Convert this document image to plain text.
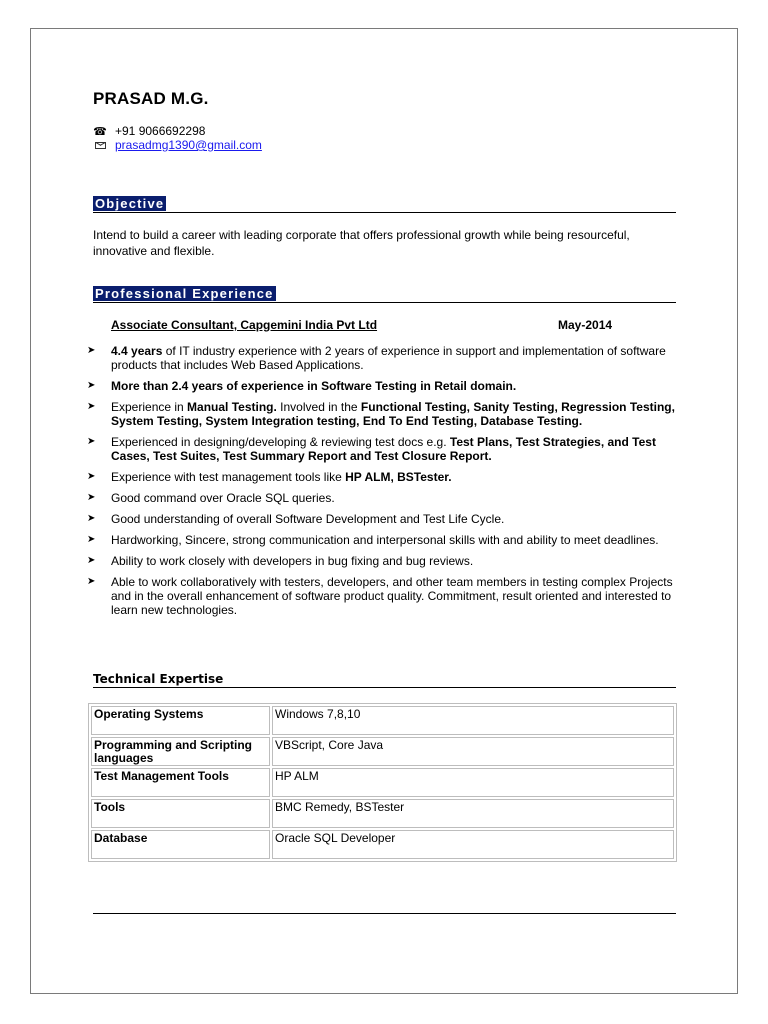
PRASAD M.G.
☎ +91 9066692298
prasadmg1390@gmail.com
Objective
Intend to build a career with leading corporate that offers professional growth while being resourceful, innovative and flexible.
Professional Experience
Associate Consultant, Capgemini India Pvt Ltd	May-2014
➤ 4.4 years of IT industry experience with 2 years of experience in support and implementation of software products that includes Web Based Applications.
➤ More than 2.4 years of experience in Software Testing in Retail domain.
➤ Experience in Manual Testing. Involved in the Functional Testing, Sanity Testing, Regression Testing, System Testing, System Integration testing, End To End Testing, Database Testing.
➤ Experienced in designing/developing & reviewing test docs e.g. Test Plans, Test Strategies, and Test Cases, Test Suites, Test Summary Report and Test Closure Report.
➤ Experience with test management tools like HP ALM, BSTester.
➤ Good command over Oracle SQL queries.
➤ Good understanding of overall Software Development and Test Life Cycle.
➤ Hardworking, Sincere, strong communication and interpersonal skills with and ability to meet deadlines.
➤ Ability to work closely with developers in bug fixing and bug reviews.
➤ Able to work collaboratively with testers, developers, and other team members in testing complex Projects and in the overall enhancement of software product quality. Commitment, result oriented and interested to learn new technologies.
Technical Expertise
Operating Systems	Windows 7,8,10
Programming and Scripting languages	VBScript, Core Java
Test Management Tools	HP ALM
Tools	BMC Remedy, BSTester
Database	Oracle SQL Developer
